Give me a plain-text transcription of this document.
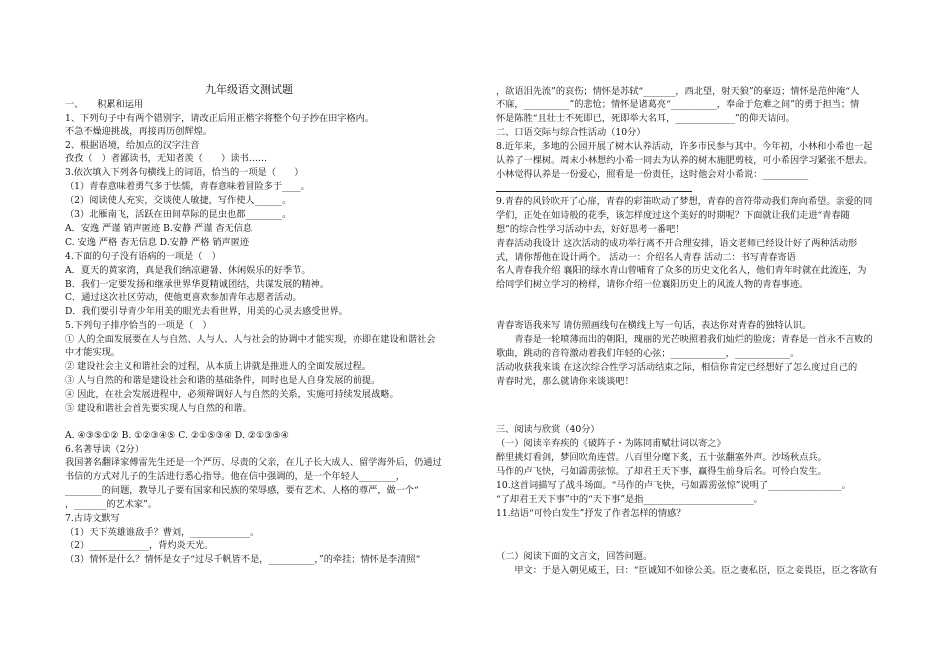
九年级语文测试题
一、　　积累和运用
1、下列句子中有两个错别字，请改正后用正楷字将整个句子抄在田字格内。
不急不燥迎挑战，再接再历创辉煌。
2、根据语境，给加点的汉字注音
孜孜（　）者鄙读书，无知者羡（　　）读书……
3.依次填入下列各句横线上的词语，恰当的一项是（　　）
（1）青春意味着勇气多于怯懦，青春意味着冒险多于____。
（2）阅读使人充实，交谈使人敏捷，写作使人______。
（3）北雁南飞，活跃在田间草际的昆虫也都________。
A．安逸 严谨 销声匿迹 B.安静 严谨 杳无信息
C. 安逸 严格 杳无信息 D.安静 严格 销声匿迹
4.下面的句子没有语病的一项是（　）
A．夏天的黄家湾，真是我们纳凉避暑、休闲娱乐的好季节。
B．我们一定要发扬和继承世界华夏精诚团结，共谋发展的精神。
C．通过这次社区劳动，使他更喜欢参加青年志愿者活动。
D．我们要引导青少年用美的眼光去看世界，用美的心灵去感受世界。
5.下列句子排序恰当的一项是（　）
① 人的全面发展要在人与自然、人与人、人与社会的协调中才能实现，亦即在建设和谐社会
中才能实现。
② 建设社会主义和谐社会的过程，从本质上讲就是推进人的全面发展过程。
③ 人与自然的和谐是建设社会和谐的基础条件，同时也是人自身发展的前提。
④ 因此，在社会发展进程中，必须辩调好人与自然的关系，实施可持续发展战略。
⑤ 建设和谐社会首先要实现人与自然的和谐。
A. ④③⑤①② B. ①②③④⑤ C. ②①⑤③④ D. ②①③⑤④
6.名著导读（2分）
我国著名翻译家傅雷先生还是一个严厉、尽责的父亲，在儿子长大成人、留学海外后，仍通过
书信的方式对儿子的生活进行悉心指导。他在信中强调的，是一个年轻人________，
________的问题，教导儿子要有国家和民族的荣辱感，要有艺术、人格的尊严，做一个“
，_______的艺术家”。
7.古诗文默写
（1）天下英雄谁敌手？曹刘，_____________。
（2）_____________，背灼炎天光。
（3）情怀是什么？情怀是女子“过尽千帆皆不是，__________，”的牵挂；情怀是李清照“
，欲语泪先流”的哀伤；情怀是苏轼“_______，西北望，射天狼”的豪迈；情怀是范仲淹“人
不寐，__________”的悲怆；情怀是诸葛亮“__________，奉命于危难之间”的勇于担当；情
怀是陈胜“且壮士不死即已，死即举大名耳，_____________”的仰天诘问。
二、口语交际与综合性活动（10分）
8.近年来，多地的公园开展了树木认养活动，许多市民参与其中。今年初，小林和小希也一起
认养了一棵树。周末小林想约小希一同去为认养的树木施肥剪枝，可小希因学习紧张不想去。
小林觉得认养是一份爱心，照看是一份责任，这时他会对小希说：__________
9.青春的风铃吹开了心扉，青春的彩笛吹动了梦想，青春的音符带动我们奔向希望。亲爱的同
学们，正处在如诗般的花季，该怎样度过这个美好的时期呢？下面就让我们走进“青春随
想”的综合性学习活动中去，好好思考一番吧！
青春活动我设计 这次活动的成功举行离不开合理安排，语文老师已经设计好了两种活动形
式，请你帮他在设计两个。 活动一：介绍名人青春 活动二：书写青春寄语
名人青春我介绍 襄阳的绿水青山曾哺育了众多的历史文化名人，他们青年时就在此流连，为
给同学们树立学习的榜样，请你介绍一位襄阳历史上的风流人物的青春事迹。
青春寄语我来写 请仿照画线句在横线上写一句话，表达你对青春的独特认识。
　　青春是一轮喷薄而出的朝阳，瑰丽的光芒映照着我们灿烂的脸庞；青春是一首永不言败的
歌曲，跳动的音符激动着我们年轻的心弦；____________，____________。
活动收获我来谈 在这次综合性学习活动结束之际，相信你肯定已经想好了怎么度过自己的
青春时光，那么就请你来谈谈吧！
三、阅读与欣赏（40分）
（一）阅读辛弃疾的《破阵子・为陈同甫赋壮词以寄之》
醉里挑灯看剑，梦回吹角连营。八百里分麾下炙，五十弦翻塞外声。沙场秋点兵。
马作的卢飞快，弓如霹雳弦惊。了却君王天下事，赢得生前身后名。可怜白发生。
10.这首词描写了战斗场面。“马作的卢飞快，弓如霹雳弦惊”说明了________________。
“了却君王天下事”中的“天下事”是指________________________。
11.结语“可怜白发生”抒发了作者怎样的情感？
（二）阅读下面的文言文，回答问题。
　　甲文：于是入朝见威王，曰：“臣诚知不如徐公美。臣之妻私臣，臣之妾畏臣，臣之客欲有
